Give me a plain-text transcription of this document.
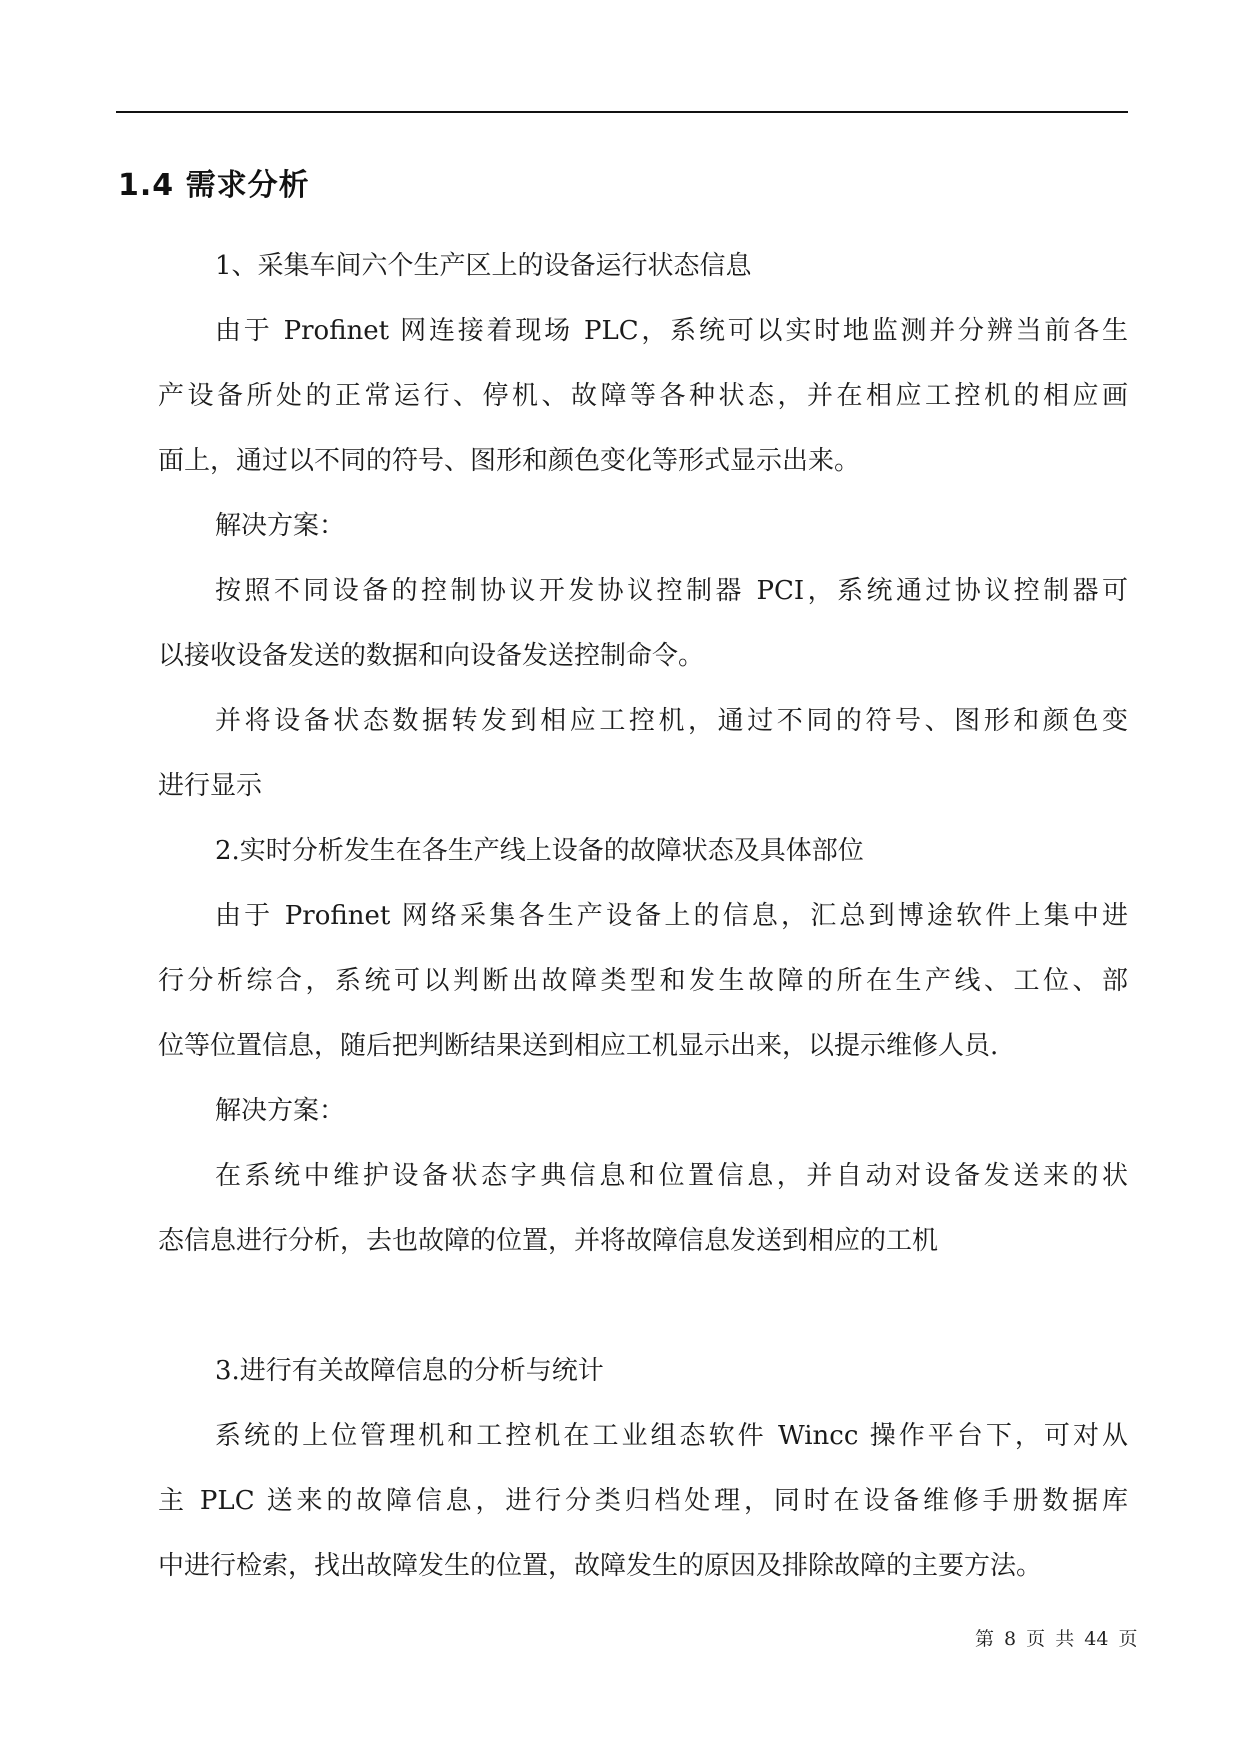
1.4 需求分析
1、采集车间六个生产区上的设备运行状态信息
由于 Profinet 网连接着现场 PLC，系统可以实时地监测并分辨当前各生
产设备所处的正常运行、停机、故障等各种状态，并在相应工控机的相应画
面上，通过以不同的符号、图形和颜色变化等形式显示出来。
解决方案：
按照不同设备的控制协议开发协议控制器 PCI，系统通过协议控制器可
以接收设备发送的数据和向设备发送控制命令。
并将设备状态数据转发到相应工控机，通过不同的符号、图形和颜色变
进行显示
2.实时分析发生在各生产线上设备的故障状态及具体部位
由于 Profinet 网络采集各生产设备上的信息，汇总到博途软件上集中进
行分析综合，系统可以判断出故障类型和发生故障的所在生产线、工位、部
位等位置信息，随后把判断结果送到相应工机显示出来，以提示维修人员.
解决方案：
在系统中维护设备状态字典信息和位置信息，并自动对设备发送来的状
态信息进行分析，去也故障的位置，并将故障信息发送到相应的工机
3.进行有关故障信息的分析与统计
系统的上位管理机和工控机在工业组态软件 Wincc 操作平台下，可对从
主 PLC 送来的故障信息，进行分类归档处理，同时在设备维修手册数据库
中进行检索，找出故障发生的位置，故障发生的原因及排除故障的主要方法。
第 8 页 共 44 页
